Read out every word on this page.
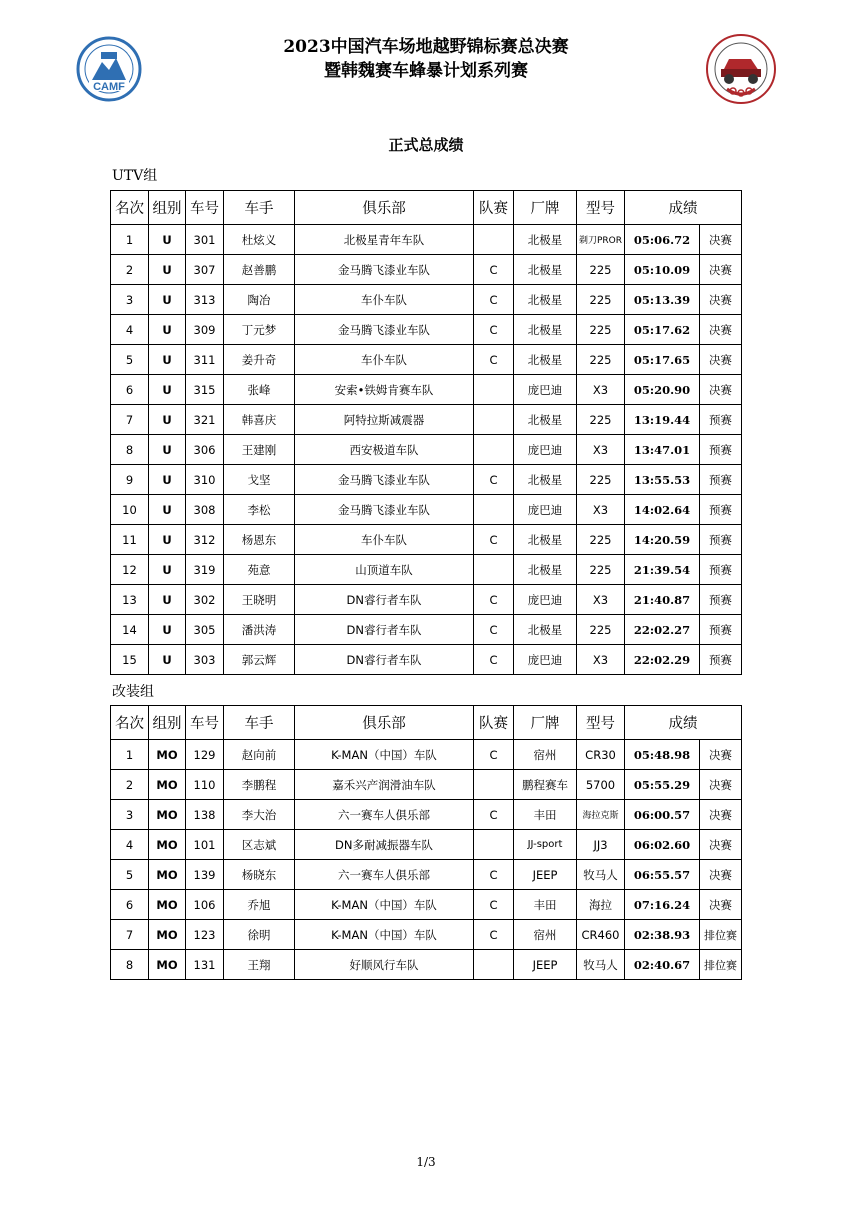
CAMF
2023中国汽车场地越野锦标赛总决赛
暨韩魏赛车蜂暴计划系列赛
正式总成绩
UTV组
名次	组别	车号	车手	俱乐部	队赛	厂牌	型号	成绩	
1	U	301	杜炫义	北极星青年车队		北极星	剃刀PROR	05:06.72	决赛
2	U	307	赵善鹏	金马腾飞漆业车队	C	北极星	225	05:10.09	决赛
3	U	313	陶冶	车仆车队	C	北极星	225	05:13.39	决赛
4	U	309	丁元梦	金马腾飞漆业车队	C	北极星	225	05:17.62	决赛
5	U	311	姜升奇	车仆车队	C	北极星	225	05:17.65	决赛
6	U	315	张峰	安索•铁姆肯赛车队		庞巴迪	X3	05:20.90	决赛
7	U	321	韩喜庆	阿特拉斯减震器		北极星	225	13:19.44	预赛
8	U	306	王建刚	西安极道车队		庞巴迪	X3	13:47.01	预赛
9	U	310	戈坚	金马腾飞漆业车队	C	北极星	225	13:55.53	预赛
10	U	308	李松	金马腾飞漆业车队		庞巴迪	X3	14:02.64	预赛
11	U	312	杨恩东	车仆车队	C	北极星	225	14:20.59	预赛
12	U	319	苑意	山顶道车队		北极星	225	21:39.54	预赛
13	U	302	王晓明	DN睿行者车队	C	庞巴迪	X3	21:40.87	预赛
14	U	305	潘洪涛	DN睿行者车队	C	北极星	225	22:02.27	预赛
15	U	303	郭云辉	DN睿行者车队	C	庞巴迪	X3	22:02.29	预赛
改装组
名次	组别	车号	车手	俱乐部	队赛	厂牌	型号	成绩	
1	MO	129	赵向前	K-MAN（中国）车队	C	宿州	CR30	05:48.98	决赛
2	MO	110	李鹏程	嘉禾兴产润滑油车队		鹏程赛车	5700	05:55.29	决赛
3	MO	138	李大治	六一赛车人俱乐部	C	丰田	海拉克斯	06:00.57	决赛
4	MO	101	区志斌	DN多耐减振器车队		JJ-sport	JJ3	06:02.60	决赛
5	MO	139	杨晓东	六一赛车人俱乐部	C	JEEP	牧马人	06:55.57	决赛
6	MO	106	乔旭	K-MAN（中国）车队	C	丰田	海拉	07:16.24	决赛
7	MO	123	徐明	K-MAN（中国）车队	C	宿州	CR460	02:38.93	排位赛
8	MO	131	王翔	好顺风行车队		JEEP	牧马人	02:40.67	排位赛
1/3
